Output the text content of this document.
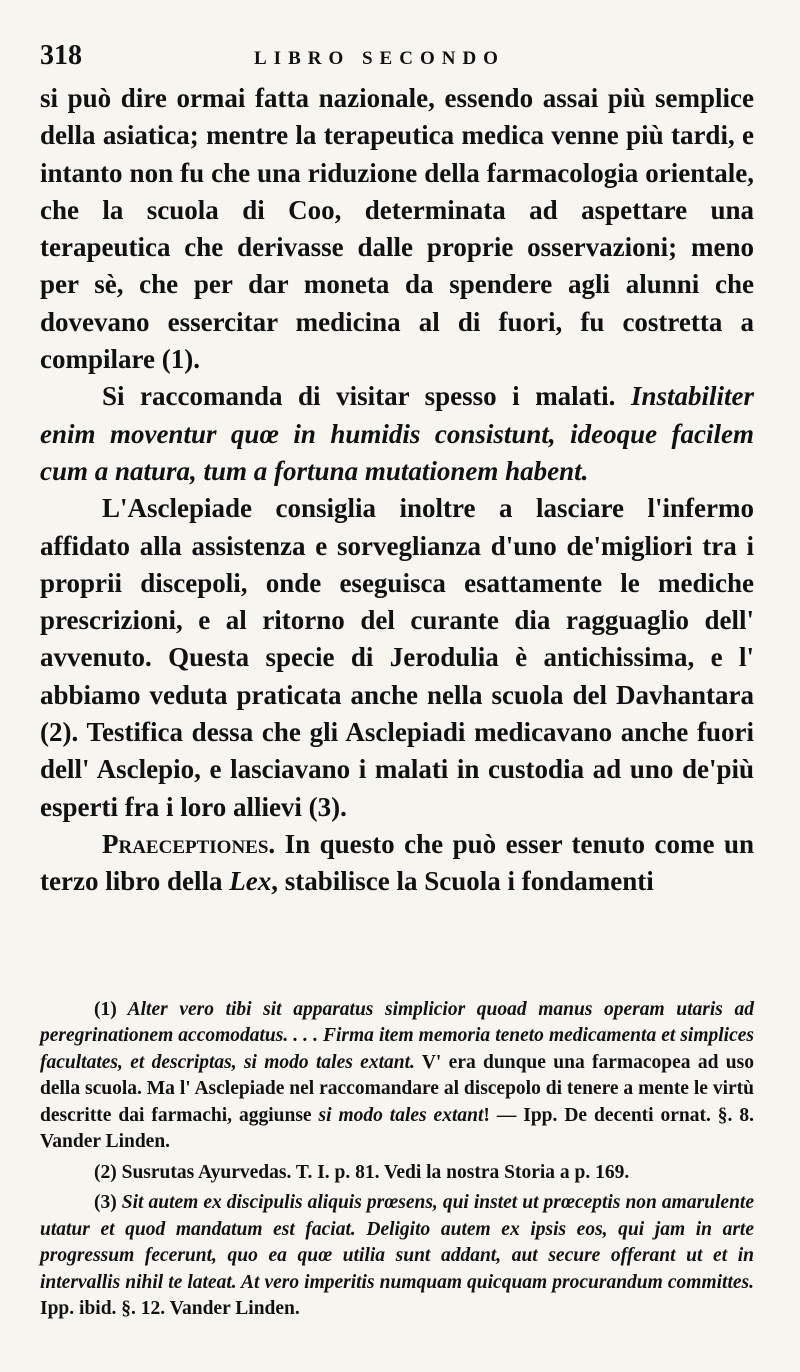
318	LIBRO SECONDO

si può dire ormai fatta nazionale, essendo assai più semplice della asiatica; mentre la terapeutica medica venne più tardi, e intanto non fu che una riduzione della farmacologia orientale, che la scuola di Coo, determinata ad aspettare una terapeutica che derivasse dalle proprie osservazioni; meno per sè, che per dar moneta da spendere agli alunni che dovevano essercitar medicina al di fuori, fu costretta a compilare (1).

Si raccomanda di visitar spesso i malati. Instabiliter enim moventur quœ in humidis consistunt, ideoque facilem cum a natura, tum a fortuna mutationem habent.

L'Asclepiade consiglia inoltre a lasciare l'infermo affidato alla assistenza e sorveglianza d'uno de'migliori tra i proprii discepoli, onde eseguisca esattamente le mediche prescrizioni, e al ritorno del curante dia ragguaglio dell' avvenuto. Questa specie di Jerodulia è antichissima, e l' abbiamo veduta praticata anche nella scuola del Davhantara (2). Testifica dessa che gli Asclepiadi medicavano anche fuori dell' Asclepio, e lasciavano i malati in custodia ad uno de'più esperti fra i loro allievi (3).

Praeceptiones. In questo che può esser tenuto come un terzo libro della Lex, stabilisce la Scuola i fondamenti

(1) Alter vero tibi sit apparatus simplicior quoad manus operam utaris ad peregrinationem accomodatus. . . . Firma item memoria teneto medicamenta et simplices facultates, et descriptas, si modo tales extant. V' era dunque una farmacopea ad uso della scuola. Ma l' Asclepiade nel raccomandare al discepolo di tenere a mente le virtù descritte dai farmachi, aggiunse si modo tales extant! — Ipp. De decenti ornat. §. 8. Vander Linden.

(2) Susrutas Ayurvedas. T. I. p. 81. Vedi la nostra Storia a p. 169.

(3) Sit autem ex discipulis aliquis prœsens, qui instet ut prœceptis non amarulente utatur et quod mandatum est faciat. Deligito autem ex ipsis eos, qui jam in arte progressum fecerunt, quo ea quœ utilia sunt addant, aut secure offerant ut et in intervallis nihil te lateat. At vero imperitis numquam quicquam procurandum committes. Ipp. ibid. §. 12. Vander Linden.
